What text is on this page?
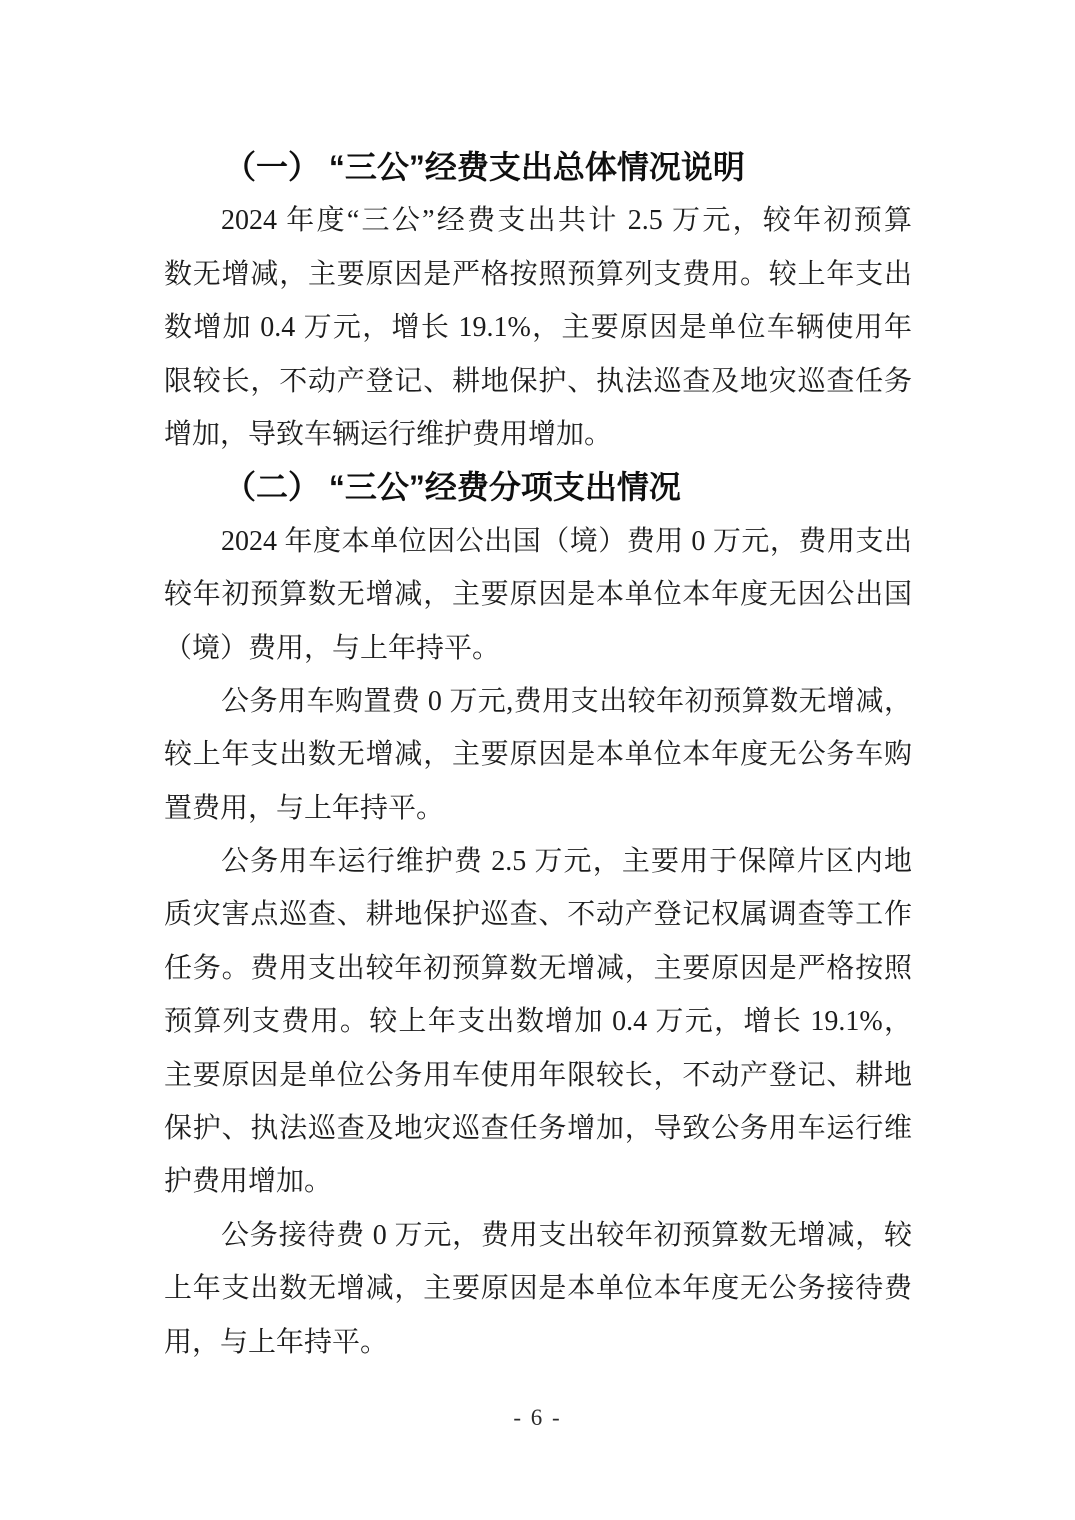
（一） “三公”经费支出总体情况说明
2024 年度“三公”经费支出共计 2.5 万元，较年初预算
数无增减，主要原因是严格按照预算列支费用。较上年支出
数增加 0.4 万元，增长 19.1%，主要原因是单位车辆使用年
限较长，不动产登记、耕地保护、执法巡查及地灾巡查任务
增加，导致车辆运行维护费用增加。
（二） “三公”经费分项支出情况
2024 年度本单位因公出国（境）费用 0 万元，费用支出
较年初预算数无增减，主要原因是本单位本年度无因公出国
（境）费用，与上年持平。
公务用车购置费 0 万元,费用支出较年初预算数无增减，
较上年支出数无增减，主要原因是本单位本年度无公务车购
置费用，与上年持平。
公务用车运行维护费 2.5 万元，主要用于保障片区内地
质灾害点巡查、耕地保护巡查、不动产登记权属调查等工作
任务。费用支出较年初预算数无增减，主要原因是严格按照
预算列支费用。较上年支出数增加 0.4 万元，增长 19.1%，
主要原因是单位公务用车使用年限较长，不动产登记、耕地
保护、执法巡查及地灾巡查任务增加，导致公务用车运行维
护费用增加。
公务接待费 0 万元，费用支出较年初预算数无增减，较
上年支出数无增减，主要原因是本单位本年度无公务接待费
用，与上年持平。
- 6 -
